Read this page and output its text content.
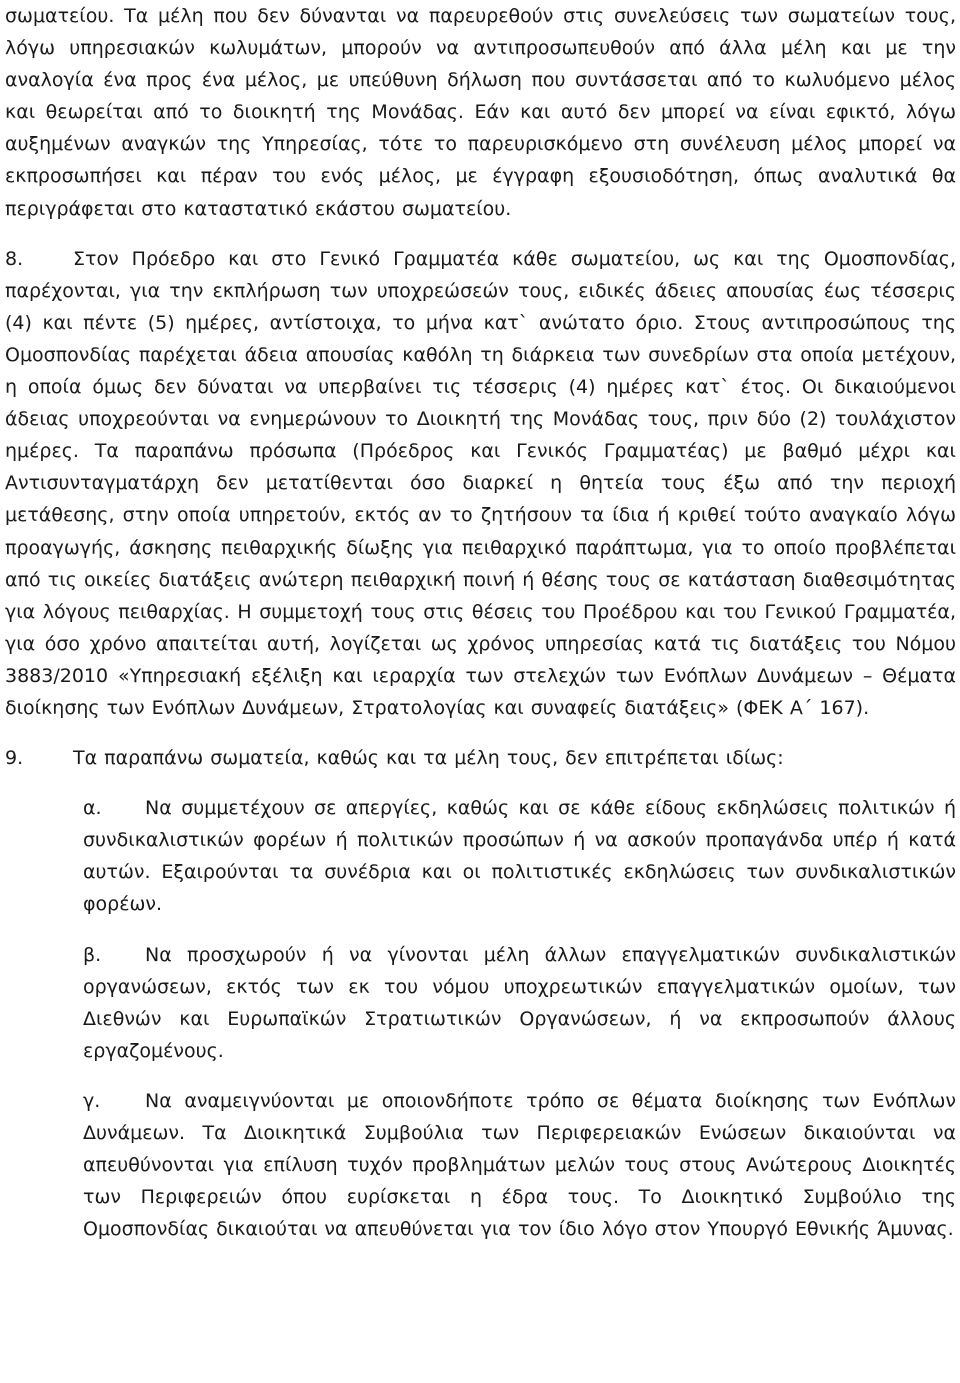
σωματείου. Τα μέλη που δεν δύνανται να παρευρεθούν στις συνελεύσεις των σωματείων τους, λόγω υπηρεσιακών κωλυμάτων, μπορούν να αντιπροσωπευθούν από άλλα μέλη και με την αναλογία ένα προς ένα μέλος, με υπεύθυνη δήλωση που συντάσσεται από το κωλυόμενο μέλος και θεωρείται από το διοικητή της Μονάδας. Εάν και αυτό δεν μπορεί να είναι εφικτό, λόγω αυξημένων αναγκών της Υπηρεσίας, τότε το παρευρισκόμενο στη συνέλευση μέλος μπορεί να εκπροσωπήσει και πέραν του ενός μέλος, με έγγραφη εξουσιοδότηση, όπως αναλυτικά θα περιγράφεται στο καταστατικό εκάστου σωματείου.

8.	Στον Πρόεδρο και στο Γενικό Γραμματέα κάθε σωματείου, ως και της Ομοσπονδίας, παρέχονται, για την εκπλήρωση των υποχρεώσεών τους, ειδικές άδειες απουσίας έως τέσσερις (4) και πέντε (5) ημέρες, αντίστοιχα, το μήνα κατ` ανώτατο όριο. Στους αντιπροσώπους της Ομοσπονδίας παρέχεται άδεια απουσίας καθόλη τη διάρκεια των συνεδρίων στα οποία μετέχουν, η οποία όμως δεν δύναται να υπερβαίνει τις τέσσερις (4) ημέρες κατ` έτος. Οι δικαιούμενοι άδειας υποχρεούνται να ενημερώνουν το Διοικητή της Μονάδας τους, πριν δύο (2) τουλάχιστον ημέρες. Τα παραπάνω πρόσωπα (Πρόεδρος και Γενικός Γραμματέας) με βαθμό μέχρι και Αντισυνταγματάρχη δεν μετατίθενται όσο διαρκεί η θητεία τους έξω από την περιοχή μετάθεσης, στην οποία υπηρετούν, εκτός αν το ζητήσουν τα ίδια ή κριθεί τούτο αναγκαίο λόγω προαγωγής, άσκησης πειθαρχικής δίωξης για πειθαρχικό παράπτωμα, για το οποίο προβλέπεται από τις οικείες διατάξεις ανώτερη πειθαρχική ποινή ή θέσης τους σε κατάσταση διαθεσιμότητας για λόγους πειθαρχίας. Η συμμετοχή τους στις θέσεις του Προέδρου και του Γενικού Γραμματέα, για όσο χρόνο απαιτείται αυτή, λογίζεται ως χρόνος υπηρεσίας κατά τις διατάξεις του Νόμου 3883/2010 «Υπηρεσιακή εξέλιξη και ιεραρχία των στελεχών των Ενόπλων Δυνάμεων – Θέματα διοίκησης των Ενόπλων Δυνάμεων, Στρατολογίας και συναφείς διατάξεις» (ΦΕΚ Α΄ 167).

9.	Τα παραπάνω σωματεία, καθώς και τα μέλη τους, δεν επιτρέπεται ιδίως:

α. Να συμμετέχουν σε απεργίες, καθώς και σε κάθε είδους εκδηλώσεις πολιτικών ή συνδικαλιστικών φορέων ή πολιτικών προσώπων ή να ασκούν προπαγάνδα υπέρ ή κατά αυτών. Εξαιρούνται τα συνέδρια και οι πολιτιστικές εκδηλώσεις των συνδικαλιστικών φορέων.

β. Να προσχωρούν ή να γίνονται μέλη άλλων επαγγελματικών συνδικαλιστικών οργανώσεων, εκτός των εκ του νόμου υποχρεωτικών επαγγελματικών ομοίων, των Διεθνών και Ευρωπαϊκών Στρατιωτικών Οργανώσεων, ή να εκπροσωπούν άλλους εργαζομένους.

γ. Να αναμειγνύονται με οποιονδήποτε τρόπο σε θέματα διοίκησης των Ενόπλων Δυνάμεων. Τα Διοικητικά Συμβούλια των Περιφερειακών Ενώσεων δικαιούνται να απευθύνονται για επίλυση τυχόν προβλημάτων μελών τους στους Ανώτερους Διοικητές των Περιφερειών όπου ευρίσκεται η έδρα τους. Το Διοικητικό Συμβούλιο της Ομοσπονδίας δικαιούται να απευθύνεται για τον ίδιο λόγο στον Υπουργό Εθνικής Άμυνας.
